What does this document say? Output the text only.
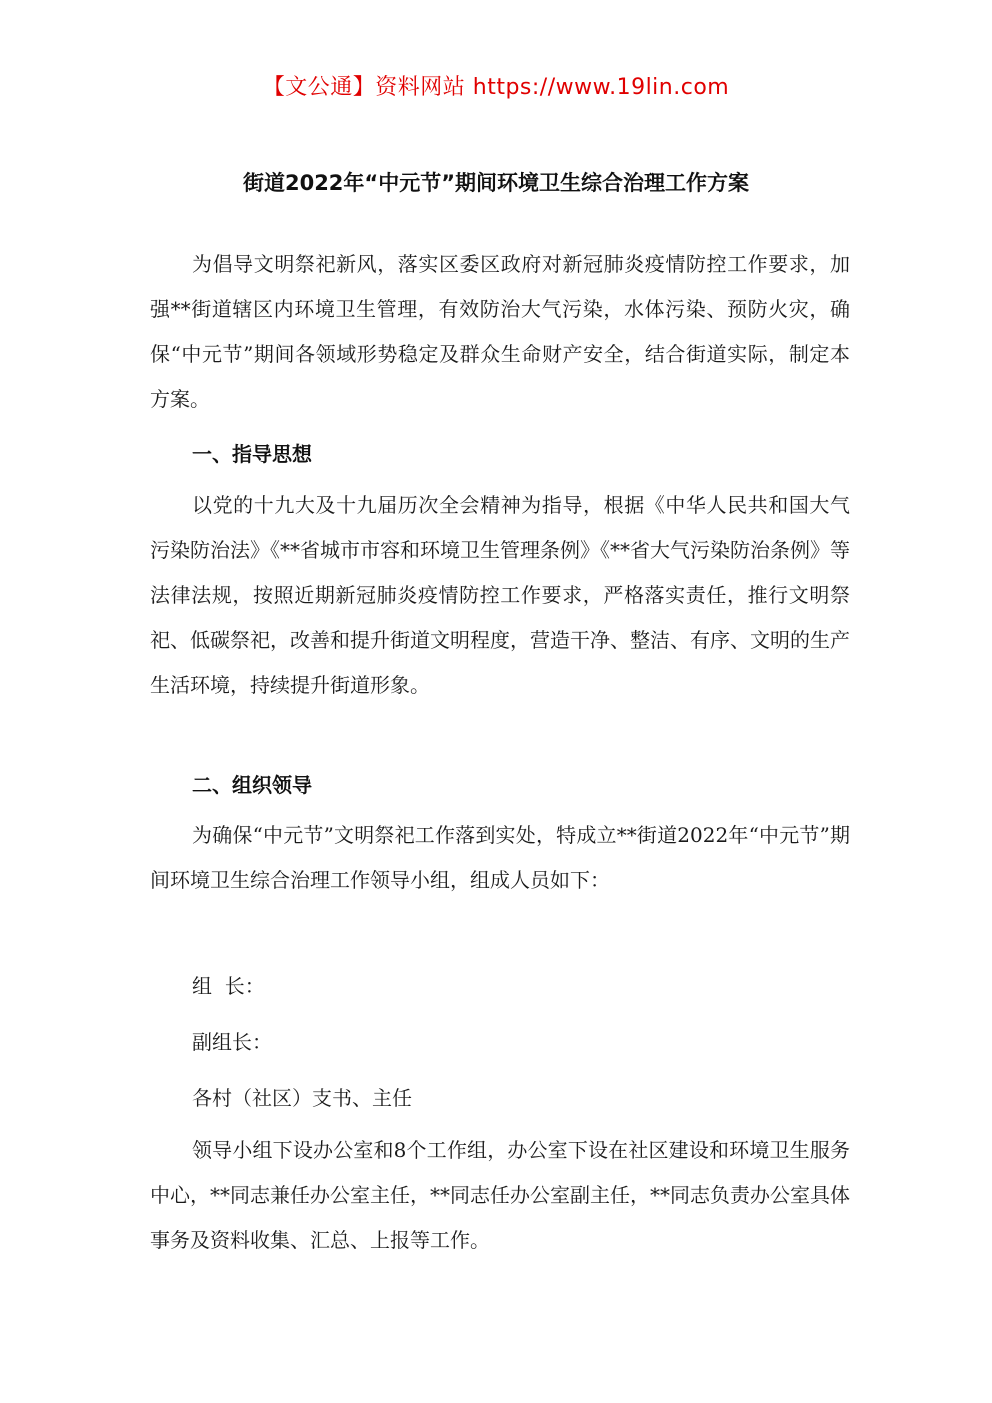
【文公通】资料网站 https://www.19lin.com
街道2022年“中元节”期间环境卫生综合治理工作方案
为倡导文明祭祀新风，落实区委区政府对新冠肺炎疫情防控工作要求，加强**街道辖区内环境卫生管理，有效防治大气污染，水体污染、预防火灾，确保“中元节”期间各领域形势稳定及群众生命财产安全，结合街道实际，制定本方案。
一、指导思想
以党的十九大及十九届历次全会精神为指导，根据《中华人民共和国大气污染防治法》《**省城市市容和环境卫生管理条例》《**省大气污染防治条例》等法律法规，按照近期新冠肺炎疫情防控工作要求，严格落实责任，推行文明祭祀、低碳祭祀，改善和提升街道文明程度，营造干净、整洁、有序、文明的生产生活环境，持续提升街道形象。
二、组织领导
为确保“中元节”文明祭祀工作落到实处，特成立**街道2022年“中元节”期间环境卫生综合治理工作领导小组，组成人员如下：
组  长：
副组长：
各村（社区）支书、主任
领导小组下设办公室和8个工作组，办公室下设在社区建设和环境卫生服务中心，**同志兼任办公室主任，**同志任办公室副主任，**同志负责办公室具体事务及资料收集、汇总、上报等工作。
